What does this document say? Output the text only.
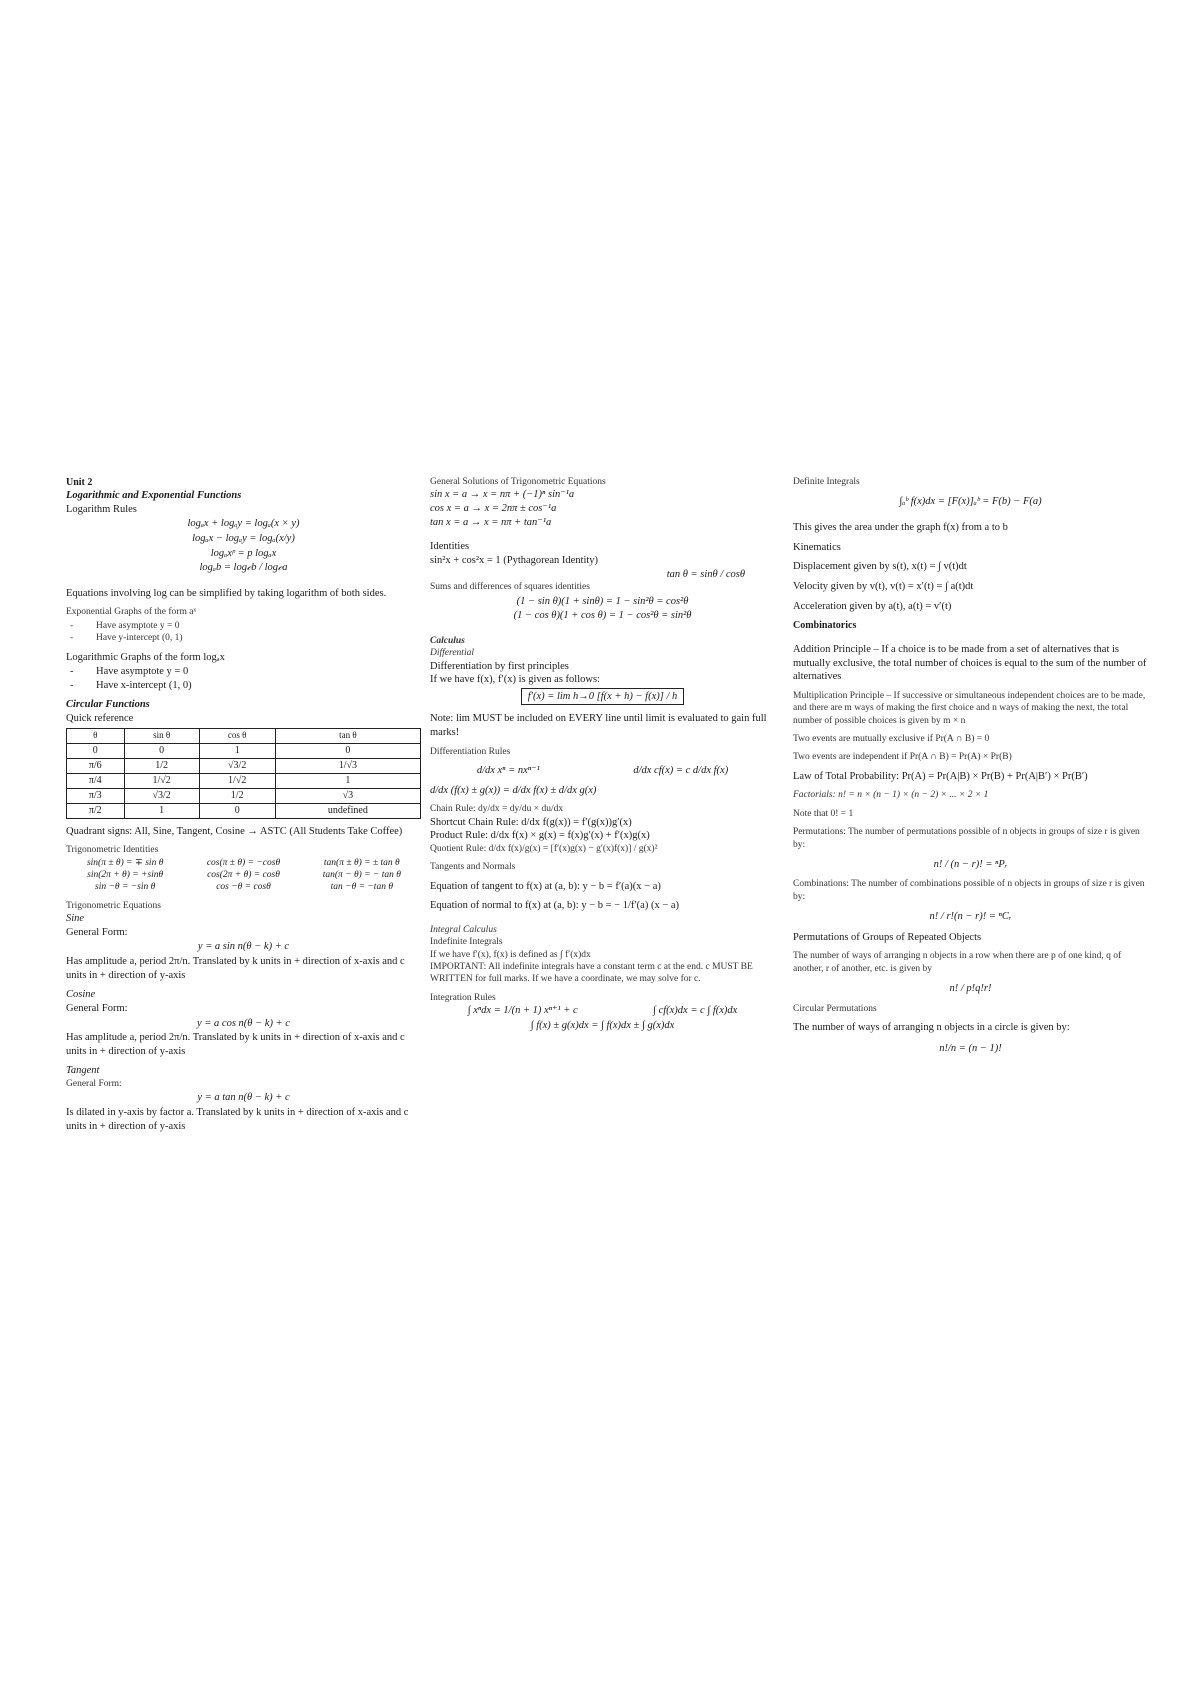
Unit 2
Logarithmic and Exponential Functions
Logarithm Rules
logₐx + logₐy = logₐ(x × y)
logₐx − logₐy = logₐ(x/y)
logₐxᵖ = p logₐx
logₐb = log𝒸b / log𝒸a
Equations involving log can be simplified by taking logarithm of both sides.
Exponential Graphs of the form aˣ
- Have asymptote y = 0
- Have y-intercept (0, 1)
Logarithmic Graphs of the form logₐx
- Have asymptote y = 0
- Have x-intercept (1, 0)
Circular Functions
Quick reference
θ	sin θ	cos θ	tan θ
0	0	1	0
π/6	1/2	√3/2	1/√3
π/4	1/√2	1/√2	1
π/3	√3/2	1/2	√3
π/2	1	0	undefined
Quadrant signs: All, Sine, Tangent, Cosine → ASTC (All Students Take Coffee)
Trigonometric Identities
sin(π ± θ) = ∓ sin θ	cos(π ± θ) = −cosθ	tan(π ± θ) = ± tan θ
sin(2π + θ) = +sinθ	cos(2π + θ) = cosθ	tan(π − θ) = − tan θ
sin −θ = −sin θ	cos −θ = cosθ	tan −θ = −tan θ
Trigonometric Equations
Sine
General Form:
y = a sin n(θ − k) + c
Has amplitude a, period 2π/n. Translated by k units in + direction of x-axis and c units in + direction of y-axis
Cosine
General Form:
y = a cos n(θ − k) + c
Has amplitude a, period 2π/n. Translated by k units in + direction of x-axis and c units in + direction of y-axis
Tangent
General Form:
y = a tan n(θ − k) + c
Is dilated in y-axis by factor a. Translated by k units in + direction of x-axis and c units in + direction of y-axis
General Solutions of Trigonometric Equations
sin x = a → x = nπ + (−1)ⁿ sin⁻¹a
cos x = a → x = 2nπ ± cos⁻¹a
tan x = a → x = nπ + tan⁻¹a
Identities
sin²x + cos²x = 1 (Pythagorean Identity)
tan θ = sinθ / cosθ
Sums and differences of squares identities
(1 − sin θ)(1 + sinθ) = 1 − sin²θ = cos²θ
(1 − cos θ)(1 + cos θ) = 1 − cos²θ = sin²θ
Calculus
Differential
Differentiation by first principles
If we have f(x), f′(x) is given as follows:
f′(x) = lim h→0 [f(x + h) − f(x)] / h
Note: lim MUST be included on EVERY line until limit is evaluated to gain full marks!
Differentiation Rules
d/dx xⁿ = nxⁿ⁻¹	d/dx cf(x) = c d/dx f(x)
d/dx (f(x) ± g(x)) = d/dx f(x) ± d/dx g(x)
Chain Rule: dy/dx = dy/du × du/dx
Shortcut Chain Rule: d/dx f(g(x)) = f′(g(x))g′(x)
Product Rule: d/dx f(x) × g(x) = f(x)g′(x) + f′(x)g(x)
Quotient Rule: d/dx f(x)/g(x) = [f′(x)g(x) − g′(x)f(x)] / g(x)²
Tangents and Normals
Equation of tangent to f(x) at (a, b): y − b = f′(a)(x − a)
Equation of normal to f(x) at (a, b): y − b = − 1/f′(a) (x − a)
Integral Calculus
Indefinite Integrals
If we have f′(x), f(x) is defined as ∫ f′(x)dx
IMPORTANT: All indefinite integrals have a constant term c at the end. c MUST BE WRITTEN for full marks. If we have a coordinate, we may solve for c.
Integration Rules
∫ xⁿdx = 1/(n + 1) xⁿ⁺¹ + c	∫ cf(x)dx = c ∫ f(x)dx
∫ f(x) ± g(x)dx = ∫ f(x)dx ± ∫ g(x)dx
Definite Integrals
∫ₐᵇ f(x)dx = [F(x)]ₐᵇ = F(b) − F(a)
This gives the area under the graph f(x) from a to b
Kinematics
Displacement given by s(t), x(t) = ∫ v(t)dt
Velocity given by v(t), v(t) = x′(t) = ∫ a(t)dt
Acceleration given by a(t), a(t) = v′(t)
Combinatorics
Addition Principle – If a choice is to be made from a set of alternatives that is mutually exclusive, the total number of choices is equal to the sum of the number of alternatives
Multiplication Principle – If successive or simultaneous independent choices are to be made, and there are m ways of making the first choice and n ways of making the next, the total number of possible choices is given by m × n
Two events are mutually exclusive if Pr(A ∩ B) = 0
Two events are independent if Pr(A ∩ B) = Pr(A) × Pr(B)
Law of Total Probability: Pr(A) = Pr(A|B) × Pr(B) + Pr(A|B′) × Pr(B′)
Factorials: n! = n × (n − 1) × (n − 2) × ... × 2 × 1
Note that 0! = 1
Permutations: The number of permutations possible of n objects in groups of size r is given by:
n! / (n − r)! = ⁿPᵣ
Combinations: The number of combinations possible of n objects in groups of size r is given by:
n! / r!(n − r)! = ⁿCᵣ
Permutations of Groups of Repeated Objects
The number of ways of arranging n objects in a row when there are p of one kind, q of another, r of another, etc. is given by
n! / p!q!r!
Circular Permutations
The number of ways of arranging n objects in a circle is given by:
n!/n = (n − 1)!
